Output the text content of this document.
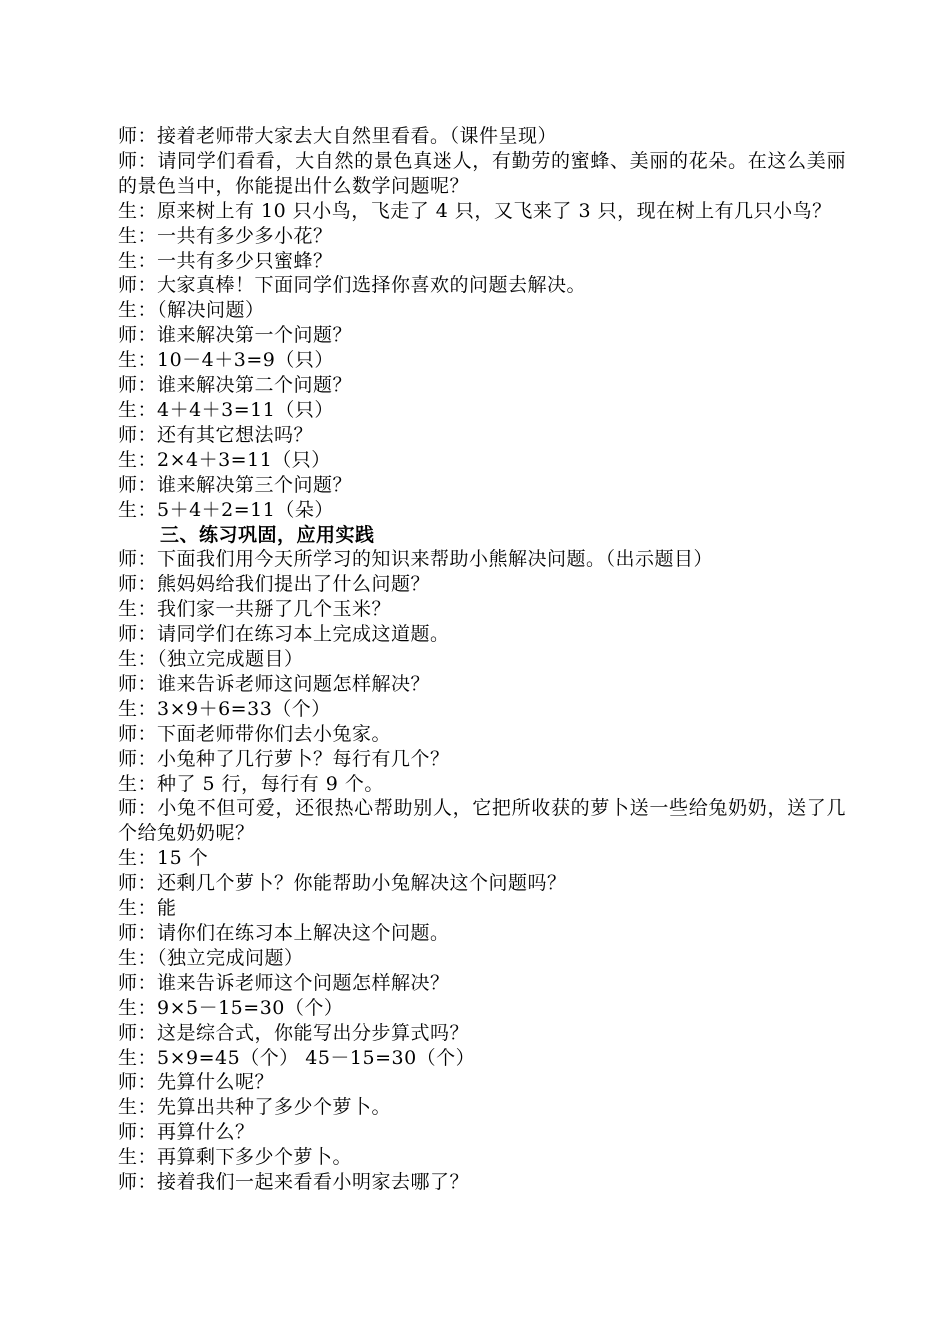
师：接着老师带大家去大自然里看看。（课件呈现）

师：请同学们看看，大自然的景色真迷人，有勤劳的蜜蜂、美丽的花朵。在这么美丽的景色当中，你能提出什么数学问题呢？

生：原来树上有 10 只小鸟，飞走了 4 只，又飞来了 3 只，现在树上有几只小鸟？

生：一共有多少多小花？

生：一共有多少只蜜蜂？

师：大家真棒！下面同学们选择你喜欢的问题去解决。

生：（解决问题）

师：谁来解决第一个问题？

生：10－4＋3=9（只）

师：谁来解决第二个问题？

生：4＋4＋3=11（只）

师：还有其它想法吗？

生：2×4＋3=11（只）

师：谁来解决第三个问题？

生：5＋4＋2=11（朵）

三、练习巩固，应用实践

师：下面我们用今天所学习的知识来帮助小熊解决问题。（出示题目）

师：熊妈妈给我们提出了什么问题？

生：我们家一共掰了几个玉米？

师：请同学们在练习本上完成这道题。

生：（独立完成题目）

师：谁来告诉老师这问题怎样解决？

生：3×9＋6=33（个）

师：下面老师带你们去小兔家。

师：小兔种了几行萝卜？每行有几个？

生：种了 5 行，每行有 9 个。

师：小兔不但可爱，还很热心帮助别人，它把所收获的萝卜送一些给兔奶奶，送了几个给兔奶奶呢？

生：15 个

师：还剩几个萝卜？你能帮助小兔解决这个问题吗？

生：能

师：请你们在练习本上解决这个问题。

生：（独立完成问题）

师：谁来告诉老师这个问题怎样解决？

生：9×5－15=30（个）

师：这是综合式，你能写出分步算式吗？

生：5×9=45（个） 45－15=30（个）

师：先算什么呢？

生：先算出共种了多少个萝卜。

师：再算什么？

生：再算剩下多少个萝卜。

师：接着我们一起来看看小明家去哪了？
